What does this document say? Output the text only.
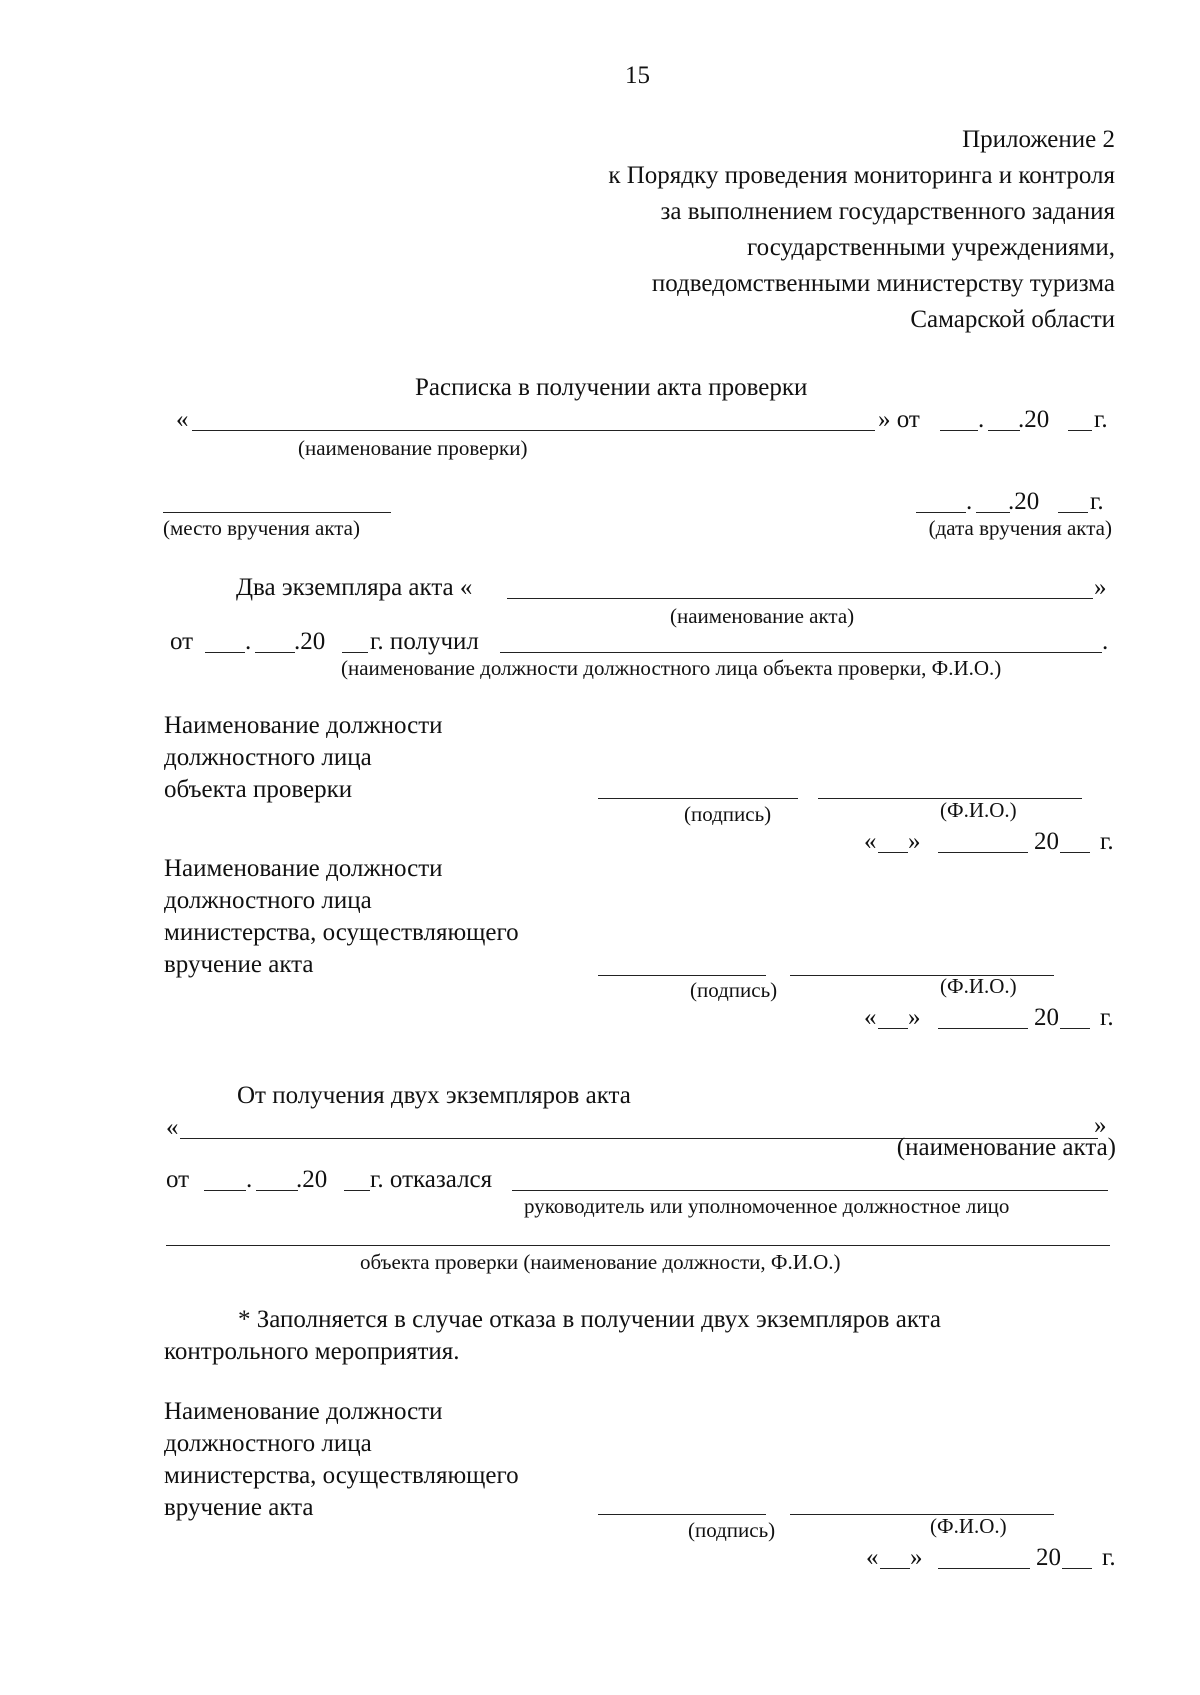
15
Приложение 2
к Порядку проведения мониторинга и контроля
за выполнением государственного задания
государственными учреждениями,
подведомственными министерству туризма
Самарской области
Расписка в получении акта проверки
«	» от . .20 г.
(наименование проверки)
(место вручения акта)
. .20 г.
(дата вручения акта)
Два экземпляра акта «	»
(наименование акта)
от . .20 г. получил	.
(наименование должности должностного лица объекта проверки, Ф.И.О.)
Наименование должности
должностного лица
объекта проверки
(подпись)	(Ф.И.О.)
« »	20 г.
Наименование должности
должностного лица
министерства, осуществляющего
вручение акта
(подпись)	(Ф.И.О.)
« »	20 г.
От получения двух экземпляров акта
«	»
(наименование акта)
от . .20 г. отказался
руководитель или уполномоченное должностное лицо
объекта проверки (наименование должности, Ф.И.О.)
* Заполняется в случае отказа в получении двух экземпляров акта
контрольного мероприятия.
Наименование должности
должностного лица
министерства, осуществляющего
вручение акта
(подпись)	(Ф.И.О.)
« »	20 г.
